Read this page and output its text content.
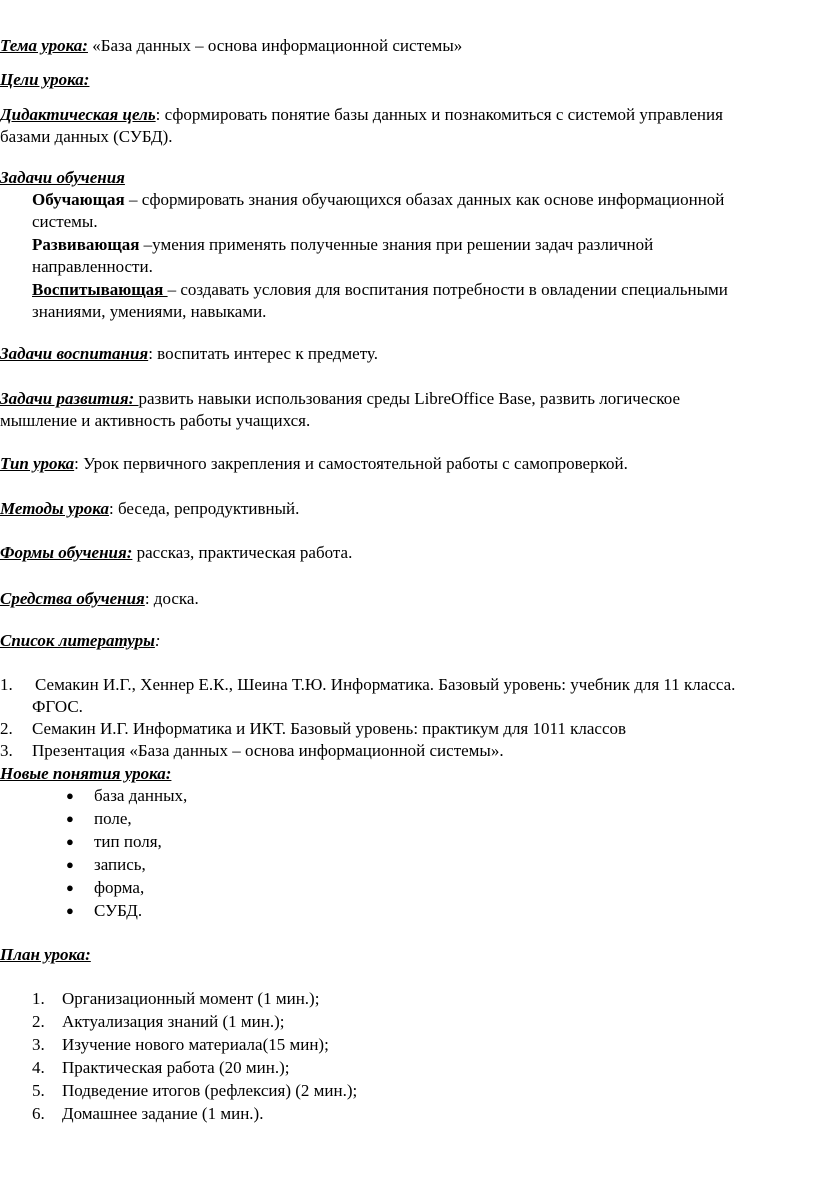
Тема урока: «База данных – основа информационной системы»
Цели урока:
Дидактическая цель: сформировать понятие базы данных и познакомиться с системой управления
базами данных (СУБД).
Задачи обучения
Обучающая – сформировать знания обучающихся обазах данных как основе информационной
системы.
Развивающая –умения применять полученные знания при решении задач различной
направленности.
Воспитывающая – создавать условия для воспитания потребности в овладении специальными
знаниями, умениями, навыками.
Задачи воспитания: воспитать интерес к предмету.
Задачи развития: развить навыки использования среды LibreOffice Base, развить логическое
мышление и активность работы учащихся.
Тип урока: Урок первичного закрепления и самостоятельной работы с самопроверкой.
Методы урока: беседа, репродуктивный.
Формы обучения: рассказ, практическая работа.
Средства обучения: доска.
Список литературы:
1.	Семакин И.Г., Хеннер Е.К., Шеина Т.Ю. Информатика. Базовый уровень: учебник для 11 класса.
ФГОС.
2.	Семакин И.Г. Информатика и ИКТ. Базовый уровень: практикум для 1011 классов
3.	Презентация «База данных – основа информационной системы».
Новые понятия урока:
● база данных,
● поле,
● тип поля,
● запись,
● форма,
● СУБД.
План урока:
1.	Организационный момент (1 мин.);
2.	Актуализация знаний (1 мин.);
3.	Изучение нового материала(15 мин);
4.	Практическая работа (20 мин.);
5.	Подведение итогов (рефлексия) (2 мин.);
6.	Домашнее задание (1 мин.).
